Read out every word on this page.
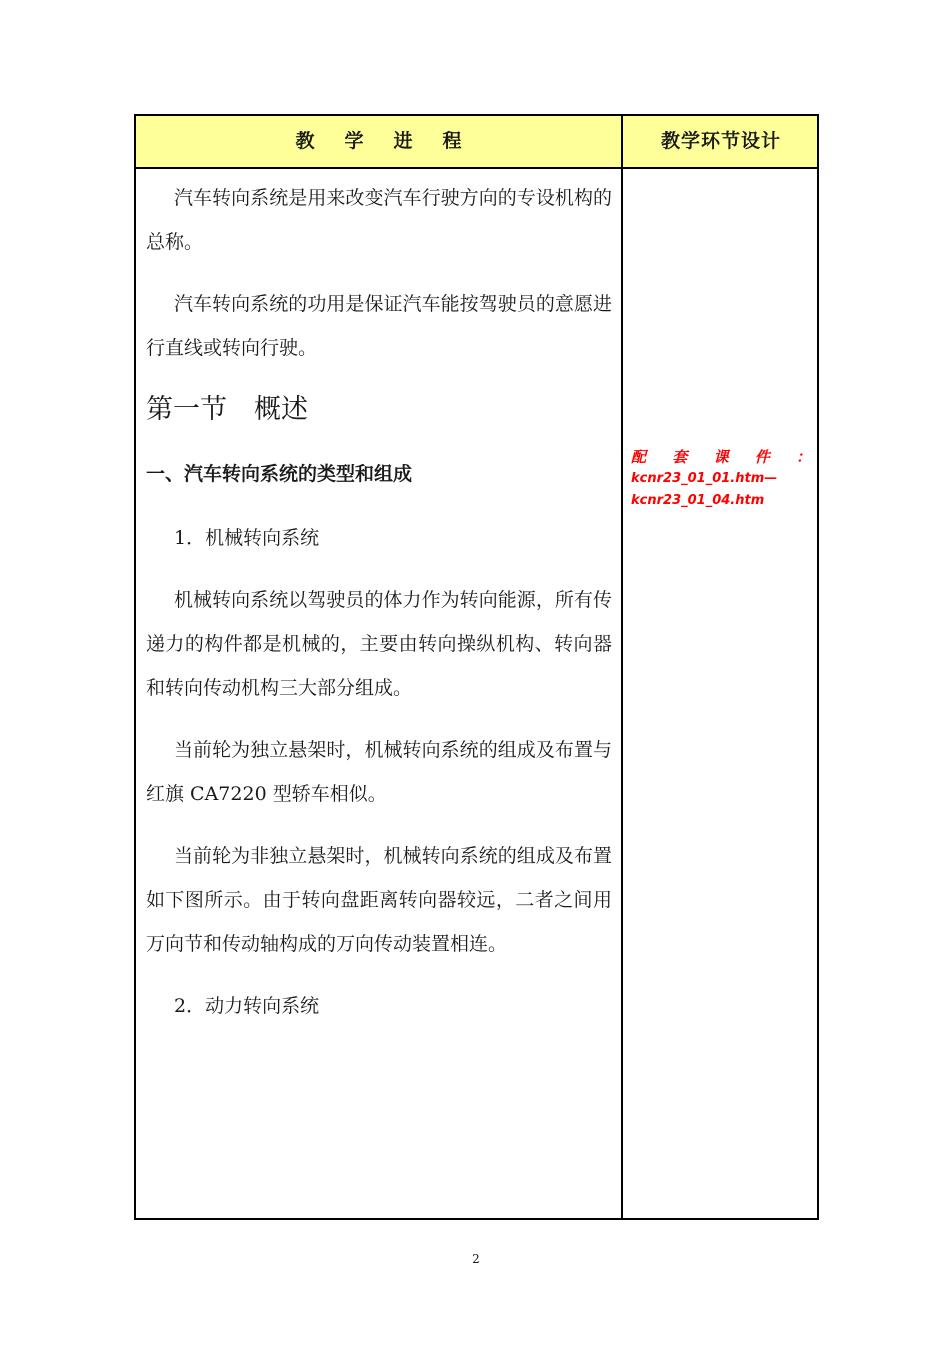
教学进程	教学环节设计

汽车转向系统是用来改变汽车行驶方向的专设机构的总称。

汽车转向系统的功用是保证汽车能按驾驶员的意愿进行直线或转向行驶。

第一节　概述
一、汽车转向系统的类型和组成

1．机械转向系统

机械转向系统以驾驶员的体力作为转向能源，所有传递力的构件都是机械的，主要由转向操纵机构、转向器和转向传动机构三大部分组成。

当前轮为独立悬架时，机械转向系统的组成及布置与红旗 CA7220 型轿车相似。

当前轮为非独立悬架时，机械转向系统的组成及布置如下图所示。由于转向盘距离转向器较远，二者之间用万向节和传动轴构成的万向传动装置相连。

2．动力转向系统

配 套 课 件 ：
kcnr23_01_01.htm—
kcnr23_01_04.htm
2
